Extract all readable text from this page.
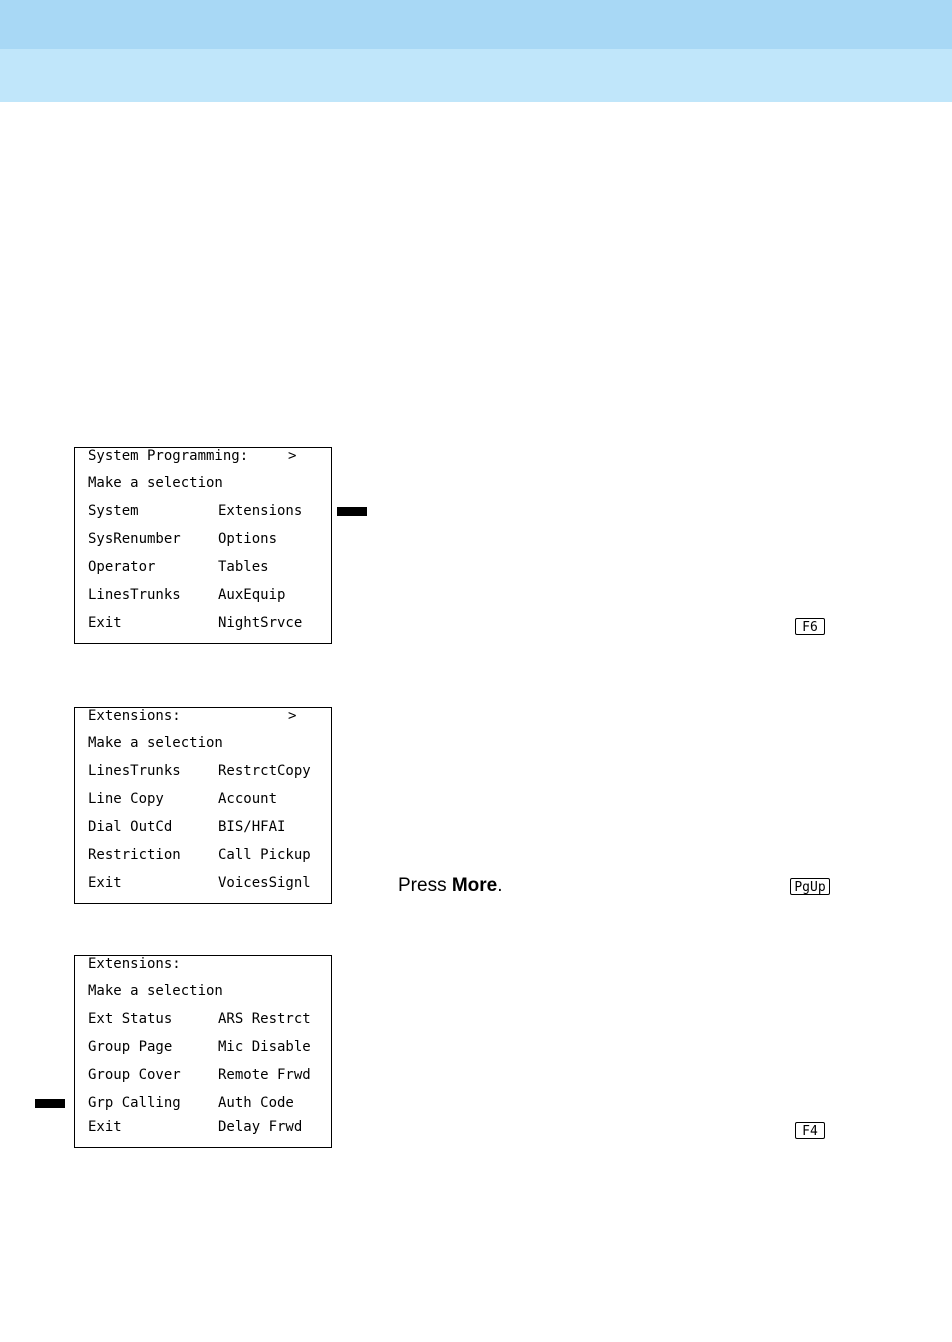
System Programming:	>
Make a selection
System	Extensions
SysRenumber	Options
Operator	Tables
LinesTrunks	AuxEquip
Exit	NightSrvce	F6
Extensions:	>
Make a selection
LinesTrunks	RestrctCopy
Line Copy	Account
Dial OutCd	BIS/HFAI
Restriction	Call Pickup
Exit	VoicesSignl	Press More.	PgUp
Extensions:
Make a selection
Ext Status	ARS Restrct
Group Page	Mic Disable
Group Cover	Remote Frwd
Grp Calling	Auth Code
Exit	Delay Frwd	F4
